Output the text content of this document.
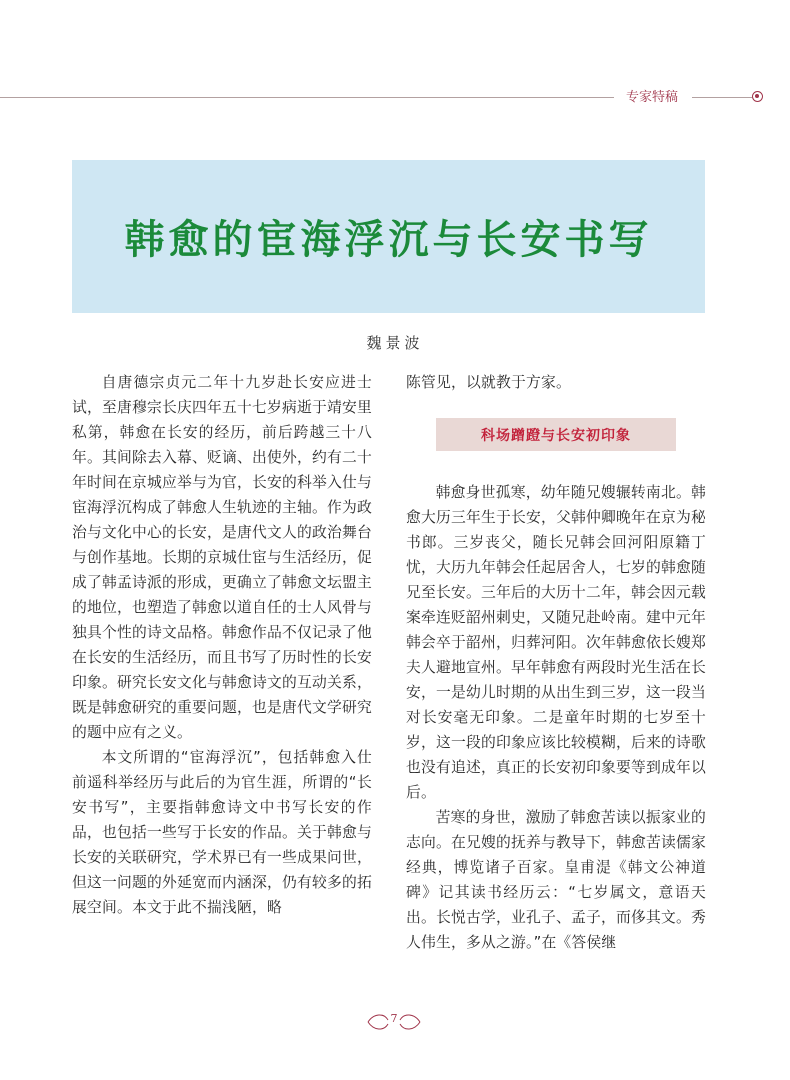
专家特稿
韩愈的宦海浮沉与长安书写
魏景波

自唐德宗贞元二年十九岁赴长安应进士试，至唐穆宗长庆四年五十七岁病逝于靖安里私第，韩愈在长安的经历，前后跨越三十八年。其间除去入幕、贬谪、出使外，约有二十年时间在京城应举与为官，长安的科举入仕与宦海浮沉构成了韩愈人生轨迹的主轴。作为政治与文化中心的长安，是唐代文人的政治舞台与创作基地。长期的京城仕宦与生活经历，促成了韩孟诗派的形成，更确立了韩愈文坛盟主的地位，也塑造了韩愈以道自任的士人风骨与独具个性的诗文品格。韩愈作品不仅记录了他在长安的生活经历，而且书写了历时性的长安印象。研究长安文化与韩愈诗文的互动关系，既是韩愈研究的重要问题，也是唐代文学研究的题中应有之义。

本文所谓的“宦海浮沉”，包括韩愈入仕前遥科举经历与此后的为官生涯，所谓的“长安书写”，主要指韩愈诗文中书写长安的作品，也包括一些写于长安的作品。关于韩愈与长安的关联研究，学术界已有一些成果问世，但这一问题的外延宽而内涵深，仍有较多的拓展空间。本文于此不揣浅陋，略

陈管见，以就教于方家。

科场蹭蹬与长安初印象

韩愈身世孤寒，幼年随兄嫂辗转南北。韩愈大历三年生于长安，父韩仲卿晚年在京为秘书郎。三岁丧父，随长兄韩会回河阳原籍丁忧，大历九年韩会任起居舍人，七岁的韩愈随兄至长安。三年后的大历十二年，韩会因元载案牵连贬韶州刺史，又随兄赴岭南。建中元年韩会卒于韶州，归葬河阳。次年韩愈依长嫂郑夫人避地宣州。早年韩愈有两段时光生活在长安，一是幼儿时期的从出生到三岁，这一段当对长安毫无印象。二是童年时期的七岁至十岁，这一段的印象应该比较模糊，后来的诗歌也没有追述，真正的长安初印象要等到成年以后。

苦寒的身世，激励了韩愈苦读以振家业的志向。在兄嫂的抚养与教导下，韩愈苦读儒家经典，博览诸子百家。皇甫湜《韩文公神道碑》记其读书经历云：“七岁属文，意语天出。长悦古学，业孔子、孟子，而侈其文。秀人伟生，多从之游。”在《答侯继

7
